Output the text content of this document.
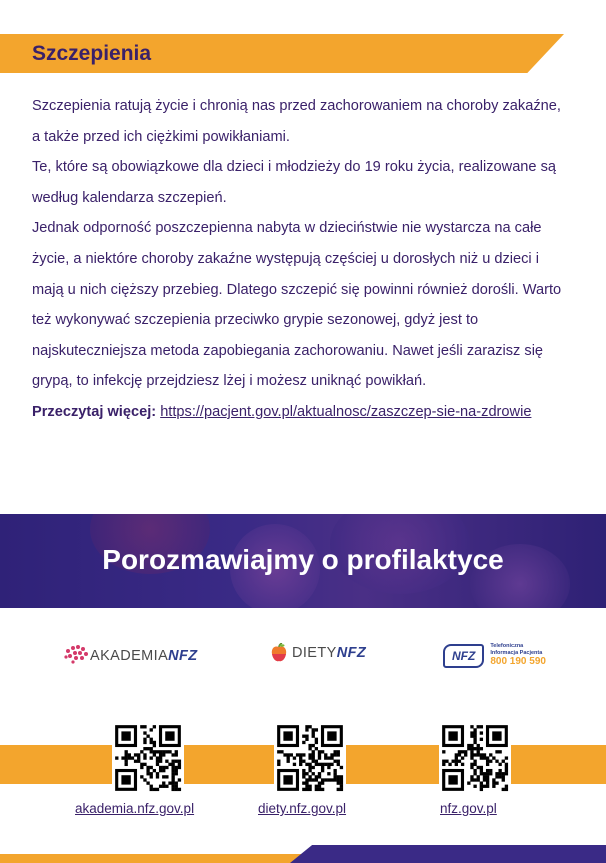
Szczepienia

Szczepienia ratują życie i chronią nas przed zachorowaniem na choroby zakaźne, a także przed ich ciężkimi powikłaniami.

Te, które są obowiązkowe dla dzieci i młodzieży do 19 roku życia, realizowane są według kalendarza szczepień.

Jednak odporność poszczepienna nabyta w dzieciństwie nie wystarcza na całe życie, a niektóre choroby zakaźne występują częściej u dorosłych niż u dzieci i mają u nich cięższy przebieg. Dlatego szczepić się powinni również dorośli. Warto też wykonywać szczepienia przeciwko grypie sezonowej, gdyż jest to najskuteczniejsza metoda zapobiegania zachorowaniu. Nawet jeśli zarazisz się grypą, to infekcję przejdziesz lżej i możesz uniknąć powikłań.

Przeczytaj więcej: https://pacjent.gov.pl/aktualnosc/zaszczep-sie-na-zdrowie

Porozmawiajmy o profilaktyce
AKADEMIANFZ	DIETYNFZ	NFZ
Telefoniczna
Informacja Pacjenta
800 190 590
akademia.nfz.gov.pl	diety.nfz.gov.pl	nfz.gov.pl
